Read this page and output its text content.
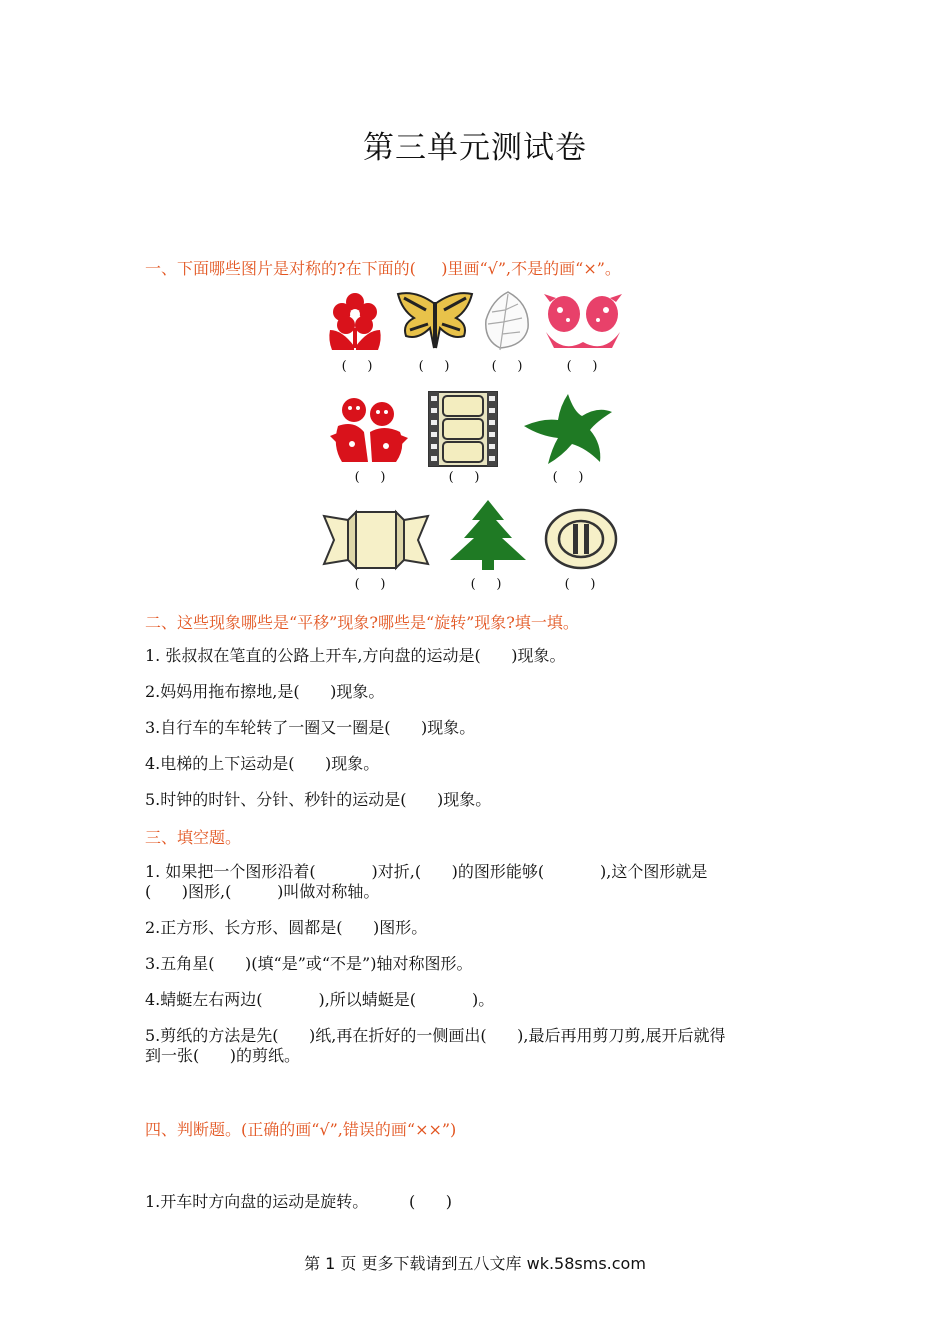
第三单元测试卷
一、下面哪些图片是对称的?在下面的(     )里画“√”,不是的画“×”。
(     )	(     )	(     )	(     )
(     )	(     )	(     )
(     )	(     )	(     )
二、这些现象哪些是“平移”现象?哪些是“旋转”现象?填一填。
1. 张叔叔在笔直的公路上开车,方向盘的运动是(      )现象。
2.妈妈用拖布擦地,是(      )现象。
3.自行车的车轮转了一圈又一圈是(      )现象。
4.电梯的上下运动是(      )现象。
5.时钟的时针、分针、秒针的运动是(      )现象。
三、填空题。
1. 如果把一个图形沿着(           )对折,(      )的图形能够(           ),这个图形就是
(      )图形,(         )叫做对称轴。
2.正方形、长方形、圆都是(      )图形。
3.五角星(      )(填“是”或“不是”)轴对称图形。
4.蜻蜓左右两边(           ),所以蜻蜓是(           )。
5.剪纸的方法是先(      )纸,再在折好的一侧画出(      ),最后再用剪刀剪,展开后就得
到一张(      )的剪纸。
四、判断题。(正确的画“√”,错误的画“××”)
1.开车时方向盘的运动是旋转。        (      )
第 1 页 更多下载请到五八文库 wk.58sms.com
